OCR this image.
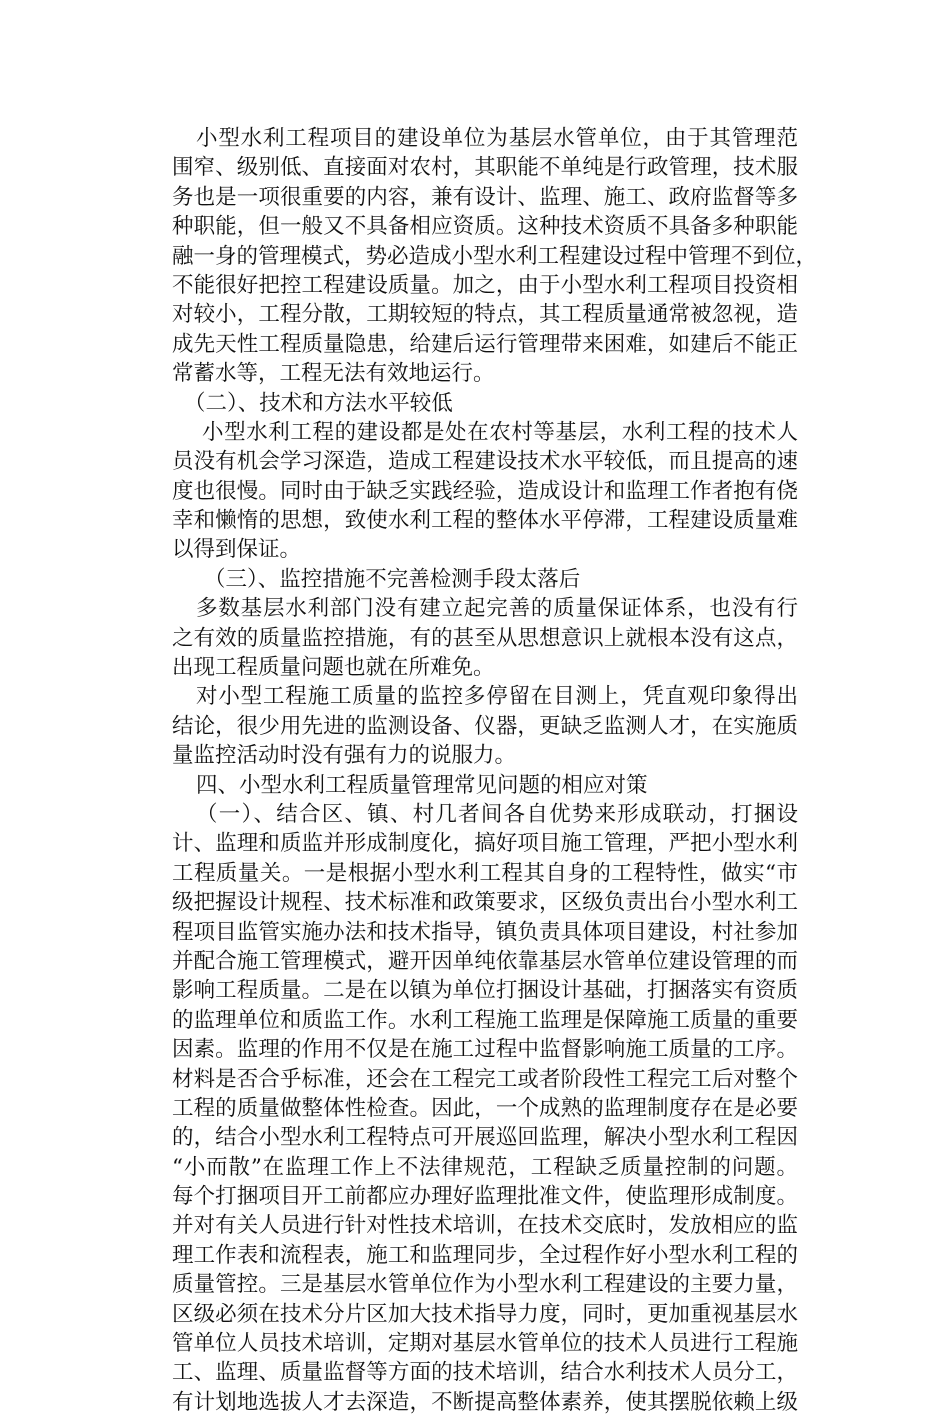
小型水利工程项目的建设单位为基层水管单位，由于其管理范
围窄、级别低、直接面对农村，其职能不单纯是行政管理，技术服
务也是一项很重要的内容，兼有设计、监理、施工、政府监督等多
种职能，但一般又不具备相应资质。这种技术资质不具备多种职能
融一身的管理模式，势必造成小型水利工程建设过程中管理不到位，
不能很好把控工程建设质量。加之，由于小型水利工程项目投资相
对较小，工程分散，工期较短的特点，其工程质量通常被忽视，造
成先天性工程质量隐患，给建后运行管理带来困难，如建后不能正
常蓄水等，工程无法有效地运行。
（二）、技术和方法水平较低
小型水利工程的建设都是处在农村等基层，水利工程的技术人
员没有机会学习深造，造成工程建设技术水平较低，而且提高的速
度也很慢。同时由于缺乏实践经验，造成设计和监理工作者抱有侥
幸和懒惰的思想，致使水利工程的整体水平停滞，工程建设质量难
以得到保证。
（三）、监控措施不完善检测手段太落后
多数基层水利部门没有建立起完善的质量保证体系，也没有行
之有效的质量监控措施，有的甚至从思想意识上就根本没有这点，
出现工程质量问题也就在所难免。
对小型工程施工质量的监控多停留在目测上，凭直观印象得出
结论，很少用先进的监测设备、仪器，更缺乏监测人才，在实施质
量监控活动时没有强有力的说服力。
四、小型水利工程质量管理常见问题的相应对策
（一）、结合区、镇、村几者间各自优势来形成联动，打捆设
计、监理和质监并形成制度化，搞好项目施工管理，严把小型水利
工程质量关。一是根据小型水利工程其自身的工程特性，做实“市
级把握设计规程、技术标准和政策要求，区级负责出台小型水利工
程项目监管实施办法和技术指导，镇负责具体项目建设，村社参加
并配合施工管理模式，避开因单纯依靠基层水管单位建设管理的而
影响工程质量。二是在以镇为单位打捆设计基础，打捆落实有资质
的监理单位和质监工作。水利工程施工监理是保障施工质量的重要
因素。监理的作用不仅是在施工过程中监督影响施工质量的工序。
材料是否合乎标准，还会在工程完工或者阶段性工程完工后对整个
工程的质量做整体性检查。因此，一个成熟的监理制度存在是必要
的，结合小型水利工程特点可开展巡回监理，解决小型水利工程因
“小而散”在监理工作上不法律规范，工程缺乏质量控制的问题。
每个打捆项目开工前都应办理好监理批准文件，使监理形成制度。
并对有关人员进行针对性技术培训，在技术交底时，发放相应的监
理工作表和流程表，施工和监理同步，全过程作好小型水利工程的
质量管控。三是基层水管单位作为小型水利工程建设的主要力量，
区级必须在技术分片区加大技术指导力度，同时，更加重视基层水
管单位人员技术培训，定期对基层水管单位的技术人员进行工程施
工、监理、质量监督等方面的技术培训，结合水利技术人员分工，
有计划地选拔人才去深造，不断提高整体素养，使其摆脱依赖上级
